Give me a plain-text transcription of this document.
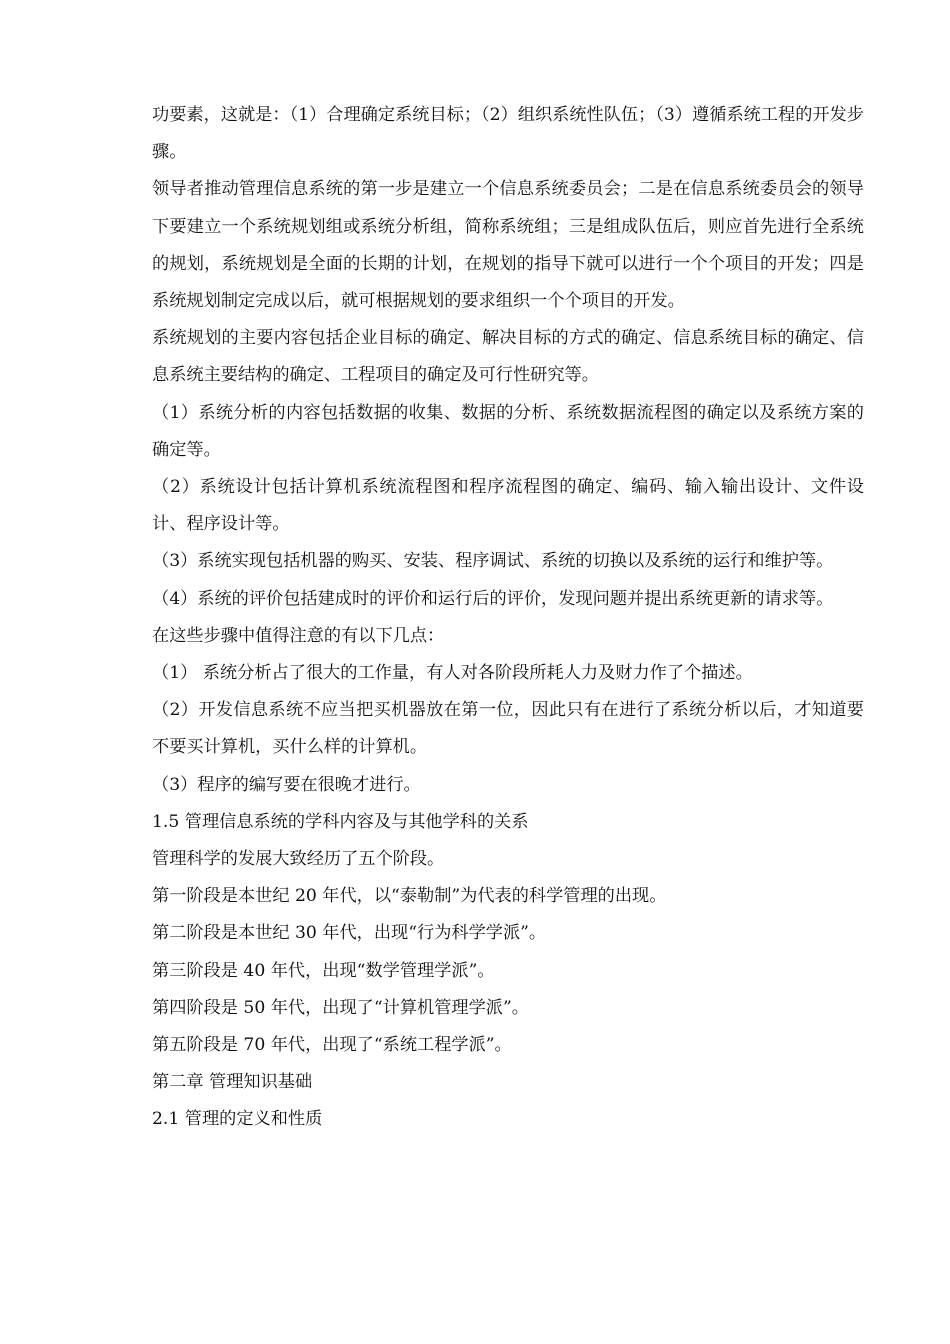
功要素，这就是：（1）合理确定系统目标；（2）组织系统性队伍；（3）遵循系统工程的开发步骤。

领导者推动管理信息系统的第一步是建立一个信息系统委员会；二是在信息系统委员会的领导下要建立一个系统规划组或系统分析组，简称系统组；三是组成队伍后，则应首先进行全系统的规划，系统规划是全面的长期的计划，在规划的指导下就可以进行一个个项目的开发；四是系统规划制定完成以后，就可根据规划的要求组织一个个项目的开发。

系统规划的主要内容包括企业目标的确定、解决目标的方式的确定、信息系统目标的确定、信息系统主要结构的确定、工程项目的确定及可行性研究等。

（1）系统分析的内容包括数据的收集、数据的分析、系统数据流程图的确定以及系统方案的确定等。

（2）系统设计包括计算机系统流程图和程序流程图的确定、编码、输入输出设计、文件设计、程序设计等。

（3）系统实现包括机器的购买、安装、程序调试、系统的切换以及系统的运行和维护等。

（4）系统的评价包括建成时的评价和运行后的评价，发现问题并提出系统更新的请求等。

在这些步骤中值得注意的有以下几点：

（1） 系统分析占了很大的工作量，有人对各阶段所耗人力及财力作了个描述。

（2）开发信息系统不应当把买机器放在第一位，因此只有在进行了系统分析以后，才知道要不要买计算机，买什么样的计算机。

（3）程序的编写要在很晚才进行。

1.5 管理信息系统的学科内容及与其他学科的关系

管理科学的发展大致经历了五个阶段。

第一阶段是本世纪 20 年代，以“泰勒制”为代表的科学管理的出现。

第二阶段是本世纪 30 年代，出现“行为科学学派”。

第三阶段是 40 年代，出现“数学管理学派”。

第四阶段是 50 年代，出现了“计算机管理学派”。

第五阶段是 70 年代，出现了“系统工程学派”。

第二章 管理知识基础

2.1 管理的定义和性质
